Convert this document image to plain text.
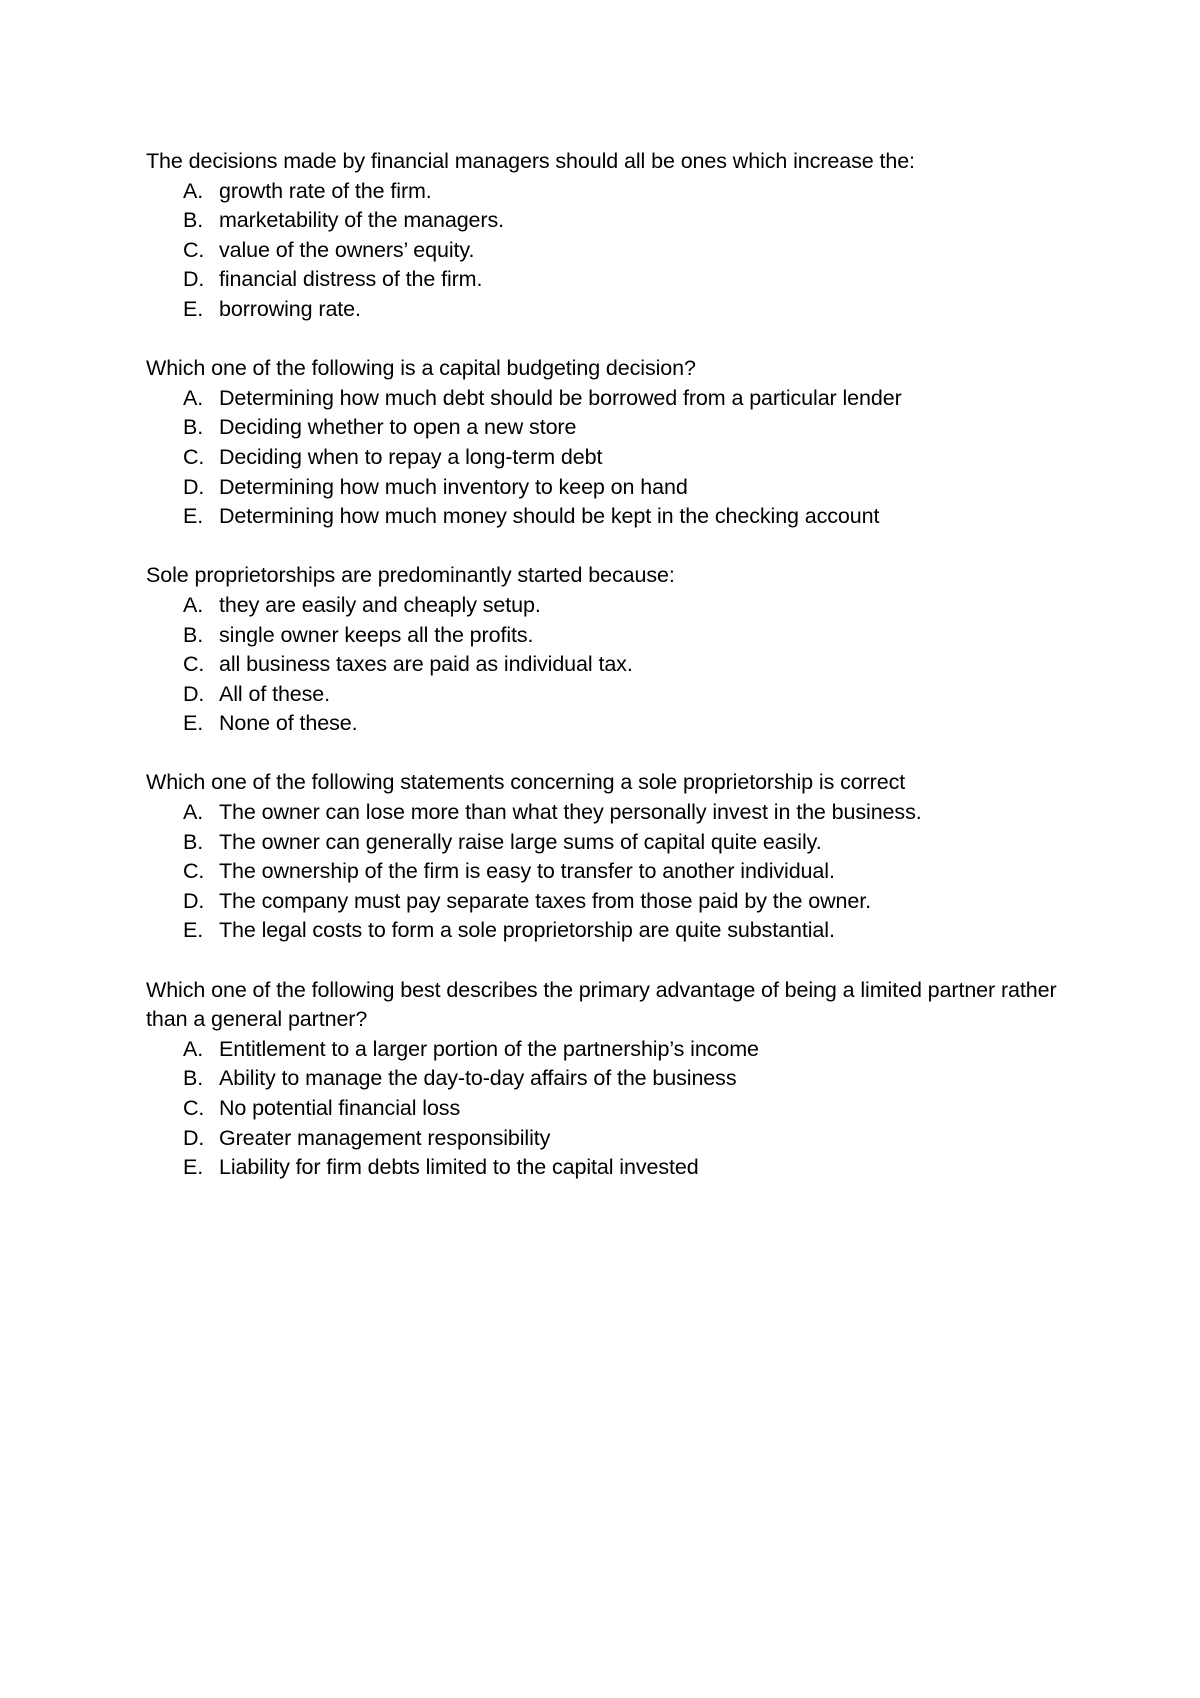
The decisions made by financial managers should all be ones which increase the:

A. growth rate of the firm.
B. marketability of the managers.
C. value of the owners’ equity.
D. financial distress of the firm.
E. borrowing rate.

Which one of the following is a capital budgeting decision?

A. Determining how much debt should be borrowed from a particular lender
B. Deciding whether to open a new store
C. Deciding when to repay a long-term debt
D. Determining how much inventory to keep on hand
E. Determining how much money should be kept in the checking account

Sole proprietorships are predominantly started because:

A. they are easily and cheaply setup.
B. single owner keeps all the profits.
C. all business taxes are paid as individual tax.
D. All of these.
E. None of these.

Which one of the following statements concerning a sole proprietorship is correct

A. The owner can lose more than what they personally invest in the business.
B. The owner can generally raise large sums of capital quite easily.
C. The ownership of the firm is easy to transfer to another individual.
D. The company must pay separate taxes from those paid by the owner.
E. The legal costs to form a sole proprietorship are quite substantial.

Which one of the following best describes the primary advantage of being a limited partner rather than a general partner?

A. Entitlement to a larger portion of the partnership’s income
B. Ability to manage the day-to-day affairs of the business
C. No potential financial loss
D. Greater management responsibility
E. Liability for firm debts limited to the capital invested
